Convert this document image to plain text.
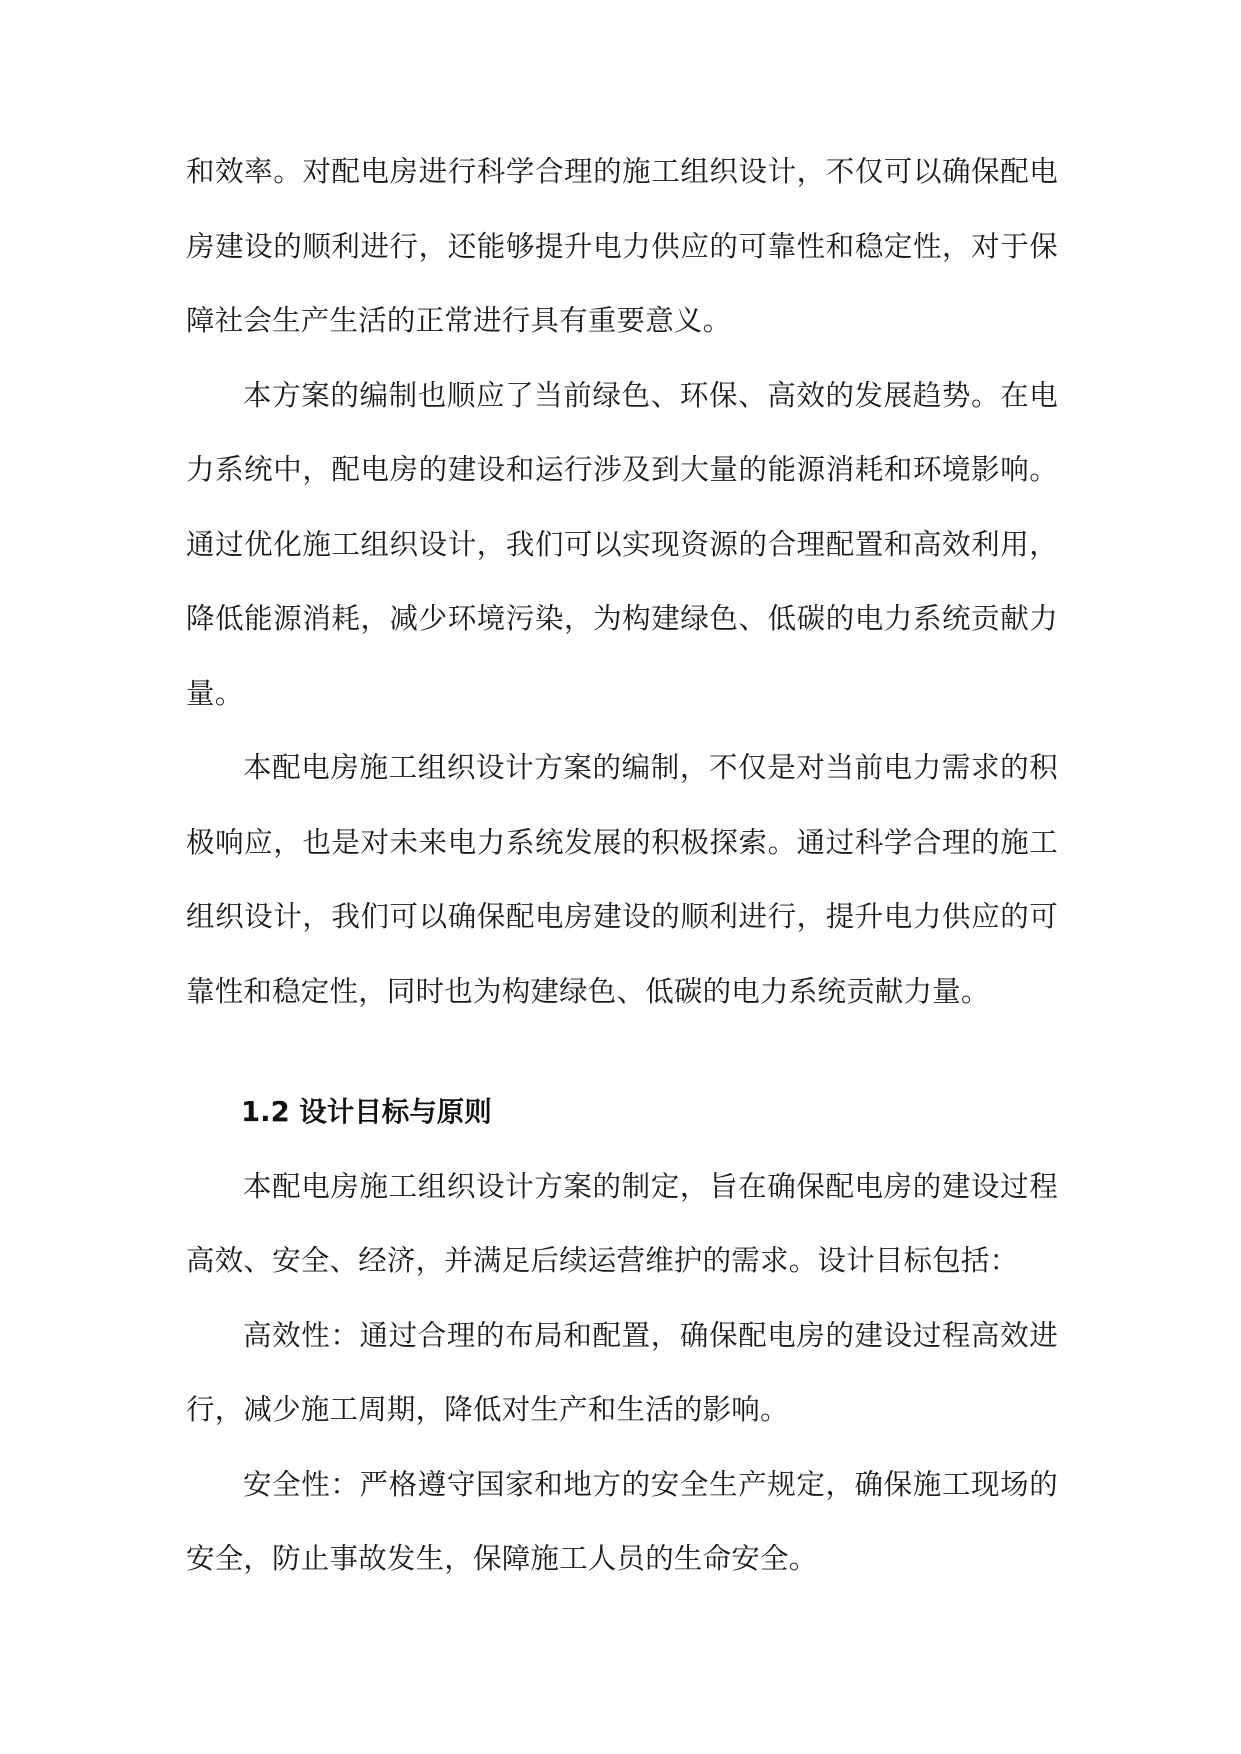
和效率。对配电房进行科学合理的施工组织设计，不仅可以确保配电房建设的顺利进行，还能够提升电力供应的可靠性和稳定性，对于保障社会生产生活的正常进行具有重要意义。

本方案的编制也顺应了当前绿色、环保、高效的发展趋势。在电力系统中，配电房的建设和运行涉及到大量的能源消耗和环境影响。通过优化施工组织设计，我们可以实现资源的合理配置和高效利用，降低能源消耗，减少环境污染，为构建绿色、低碳的电力系统贡献力量。

本配电房施工组织设计方案的编制，不仅是对当前电力需求的积极响应，也是对未来电力系统发展的积极探索。通过科学合理的施工组织设计，我们可以确保配电房建设的顺利进行，提升电力供应的可靠性和稳定性，同时也为构建绿色、低碳的电力系统贡献力量。

1.2 设计目标与原则

本配电房施工组织设计方案的制定，旨在确保配电房的建设过程高效、安全、经济，并满足后续运营维护的需求。设计目标包括：

高效性：通过合理的布局和配置，确保配电房的建设过程高效进行，减少施工周期，降低对生产和生活的影响。

安全性：严格遵守国家和地方的安全生产规定，确保施工现场的安全，防止事故发生，保障施工人员的生命安全。
